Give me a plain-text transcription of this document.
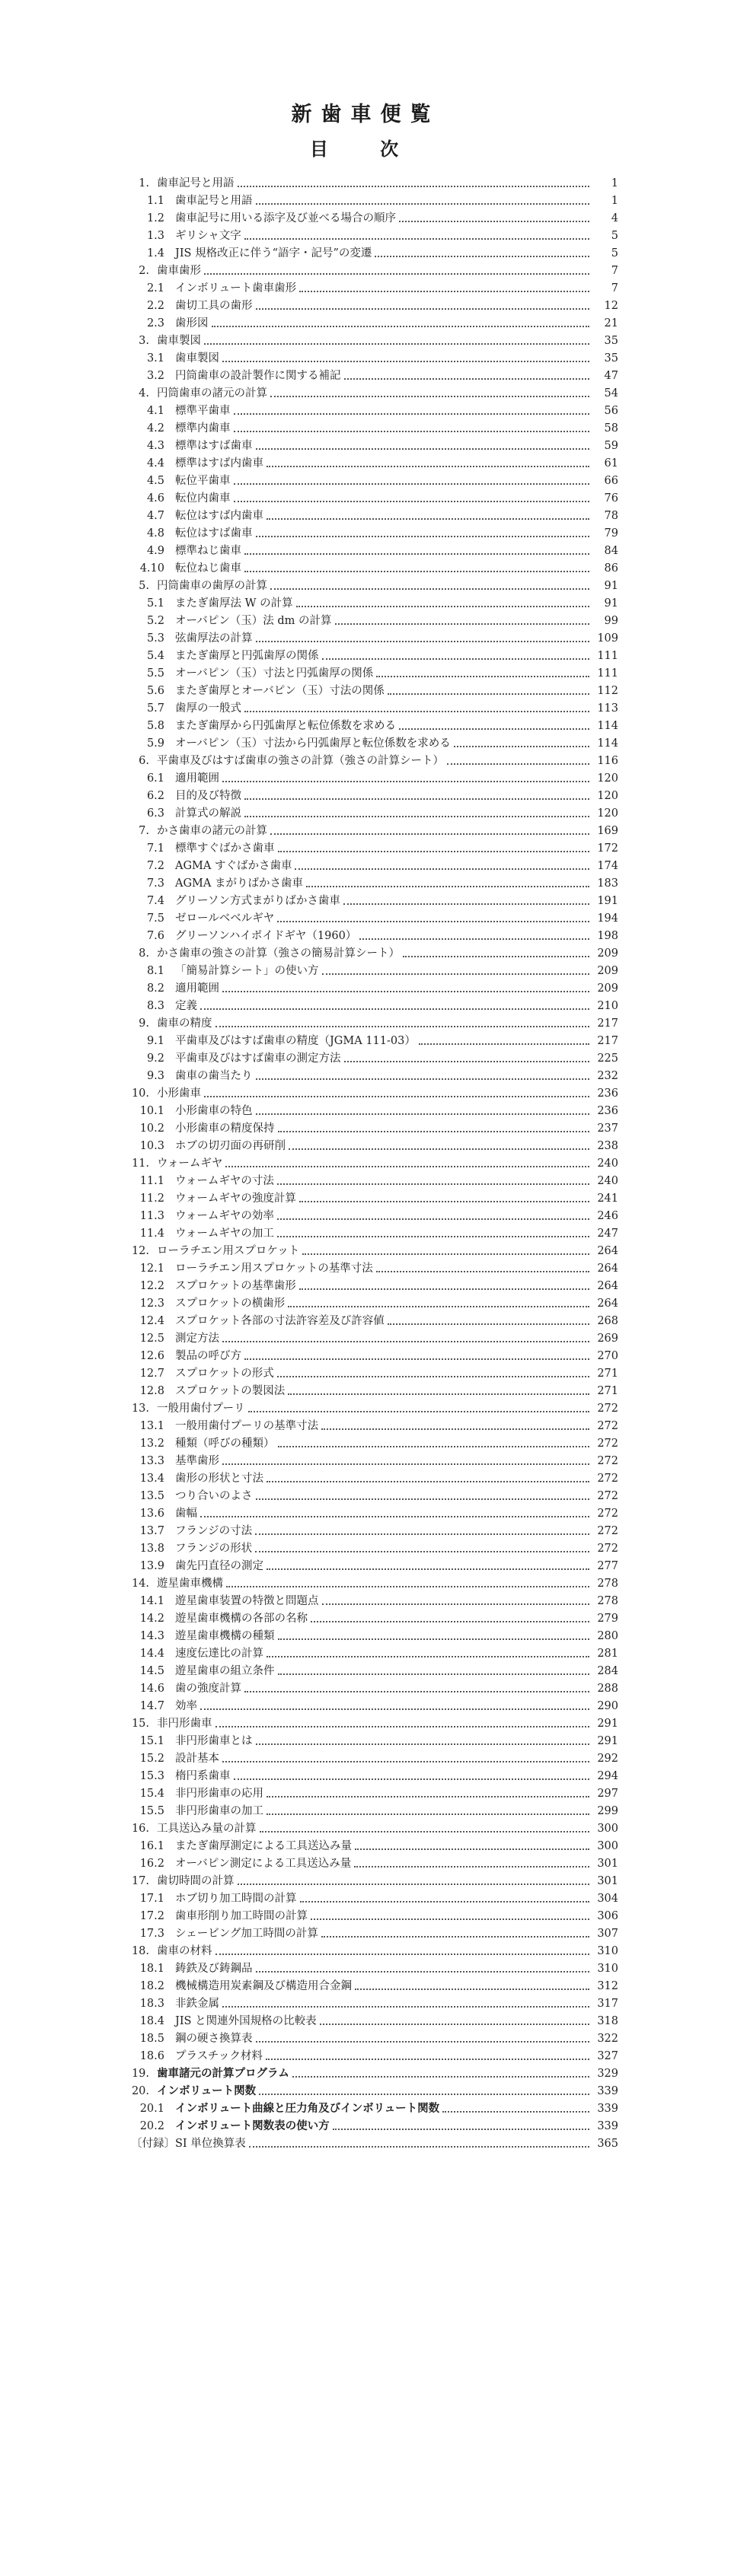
新歯車便覧
目 次
1. 歯車記号と用語	1
1.1 歯車記号と用語	1
1.2 歯車記号に用いる添字及び並べる場合の順序	4
1.3 ギリシャ文字	5
1.4 JIS 規格改正に伴う“語字・記号”の変遷	5
2. 歯車歯形	7
2.1 インボリュート歯車歯形	7
2.2 歯切工具の歯形	12
2.3 歯形図	21
3. 歯車製図	35
3.1 歯車製図	35
3.2 円筒歯車の設計製作に関する補記	47
4. 円筒歯車の諸元の計算	54
4.1 標準平歯車	56
4.2 標準内歯車	58
4.3 標準はすば歯車	59
4.4 標準はすば内歯車	61
4.5 転位平歯車	66
4.6 転位内歯車	76
4.7 転位はすば内歯車	78
4.8 転位はすば歯車	79
4.9 標準ねじ歯車	84
4.10 転位ねじ歯車	86
5. 円筒歯車の歯厚の計算	91
5.1 またぎ歯厚法 W の計算	91
5.2 オーバピン（玉）法 dm の計算	99
5.3 弦歯厚法の計算	109
5.4 またぎ歯厚と円弧歯厚の関係	111
5.5 オーバピン（玉）寸法と円弧歯厚の関係	111
5.6 またぎ歯厚とオーバピン（玉）寸法の関係	112
5.7 歯厚の一般式	113
5.8 またぎ歯厚から円弧歯厚と転位係数を求める	114
5.9 オーバピン（玉）寸法から円弧歯厚と転位係数を求める	114
6. 平歯車及びはすば歯車の強さの計算（強さの計算シート）	116
6.1 適用範囲	120
6.2 目的及び特徴	120
6.3 計算式の解説	120
7. かさ歯車の諸元の計算	169
7.1 標準すぐばかさ歯車	172
7.2 AGMA すぐばかさ歯車	174
7.3 AGMA まがりばかさ歯車	183
7.4 グリーソン方式まがりばかさ歯車	191
7.5 ゼロールベベルギヤ	194
7.6 グリーソンハイポイドギヤ（1960）	198
8. かさ歯車の強さの計算（強さの簡易計算シート）	209
8.1 「簡易計算シート」の使い方	209
8.2 適用範囲	209
8.3 定義	210
9. 歯車の精度	217
9.1 平歯車及びはすば歯車の精度（JGMA 111-03）	217
9.2 平歯車及びはすば歯車の測定方法	225
9.3 歯車の歯当たり	232
10. 小形歯車	236
10.1 小形歯車の特色	236
10.2 小形歯車の精度保持	237
10.3 ホブの切刃面の再研削	238
11. ウォームギヤ	240
11.1 ウォームギヤの寸法	240
11.2 ウォームギヤの強度計算	241
11.3 ウォームギヤの効率	246
11.4 ウォームギヤの加工	247
12. ローラチエン用スプロケット	264
12.1 ローラチエン用スプロケットの基準寸法	264
12.2 スプロケットの基準歯形	264
12.3 スプロケットの横歯形	264
12.4 スプロケット各部の寸法許容差及び許容値	268
12.5 測定方法	269
12.6 製品の呼び方	270
12.7 スプロケットの形式	271
12.8 スプロケットの製図法	271
13. 一般用歯付プーリ	272
13.1 一般用歯付プーリの基準寸法	272
13.2 種類（呼びの種類）	272
13.3 基準歯形	272
13.4 歯形の形状と寸法	272
13.5 つり合いのよさ	272
13.6 歯幅	272
13.7 フランジの寸法	272
13.8 フランジの形状	272
13.9 歯先円直径の測定	277
14. 遊星歯車機構	278
14.1 遊星歯車装置の特徴と問題点	278
14.2 遊星歯車機構の各部の名称	279
14.3 遊星歯車機構の種類	280
14.4 速度伝達比の計算	281
14.5 遊星歯車の組立条件	284
14.6 歯の強度計算	288
14.7 効率	290
15. 非円形歯車	291
15.1 非円形歯車とは	291
15.2 設計基本	292
15.3 楕円系歯車	294
15.4 非円形歯車の応用	297
15.5 非円形歯車の加工	299
16. 工具送込み量の計算	300
16.1 またぎ歯厚測定による工具送込み量	300
16.2 オーバピン測定による工具送込み量	301
17. 歯切時間の計算	301
17.1 ホブ切り加工時間の計算	304
17.2 歯車形削り加工時間の計算	306
17.3 シェービング加工時間の計算	307
18. 歯車の材料	310
18.1 鋳鉄及び鋳鋼品	310
18.2 機械構造用炭素鋼及び構造用合金鋼	312
18.3 非鉄金属	317
18.4 JIS と関連外国規格の比較表	318
18.5 鋼の硬さ換算表	322
18.6 プラスチック材料	327
19. 歯車諸元の計算プログラム	329
20. インボリュート関数	339
20.1 インボリュート曲線と圧力角及びインボリュート関数	339
20.2 インボリュート関数表の使い方	339
〔付録〕SI 単位換算表	365
